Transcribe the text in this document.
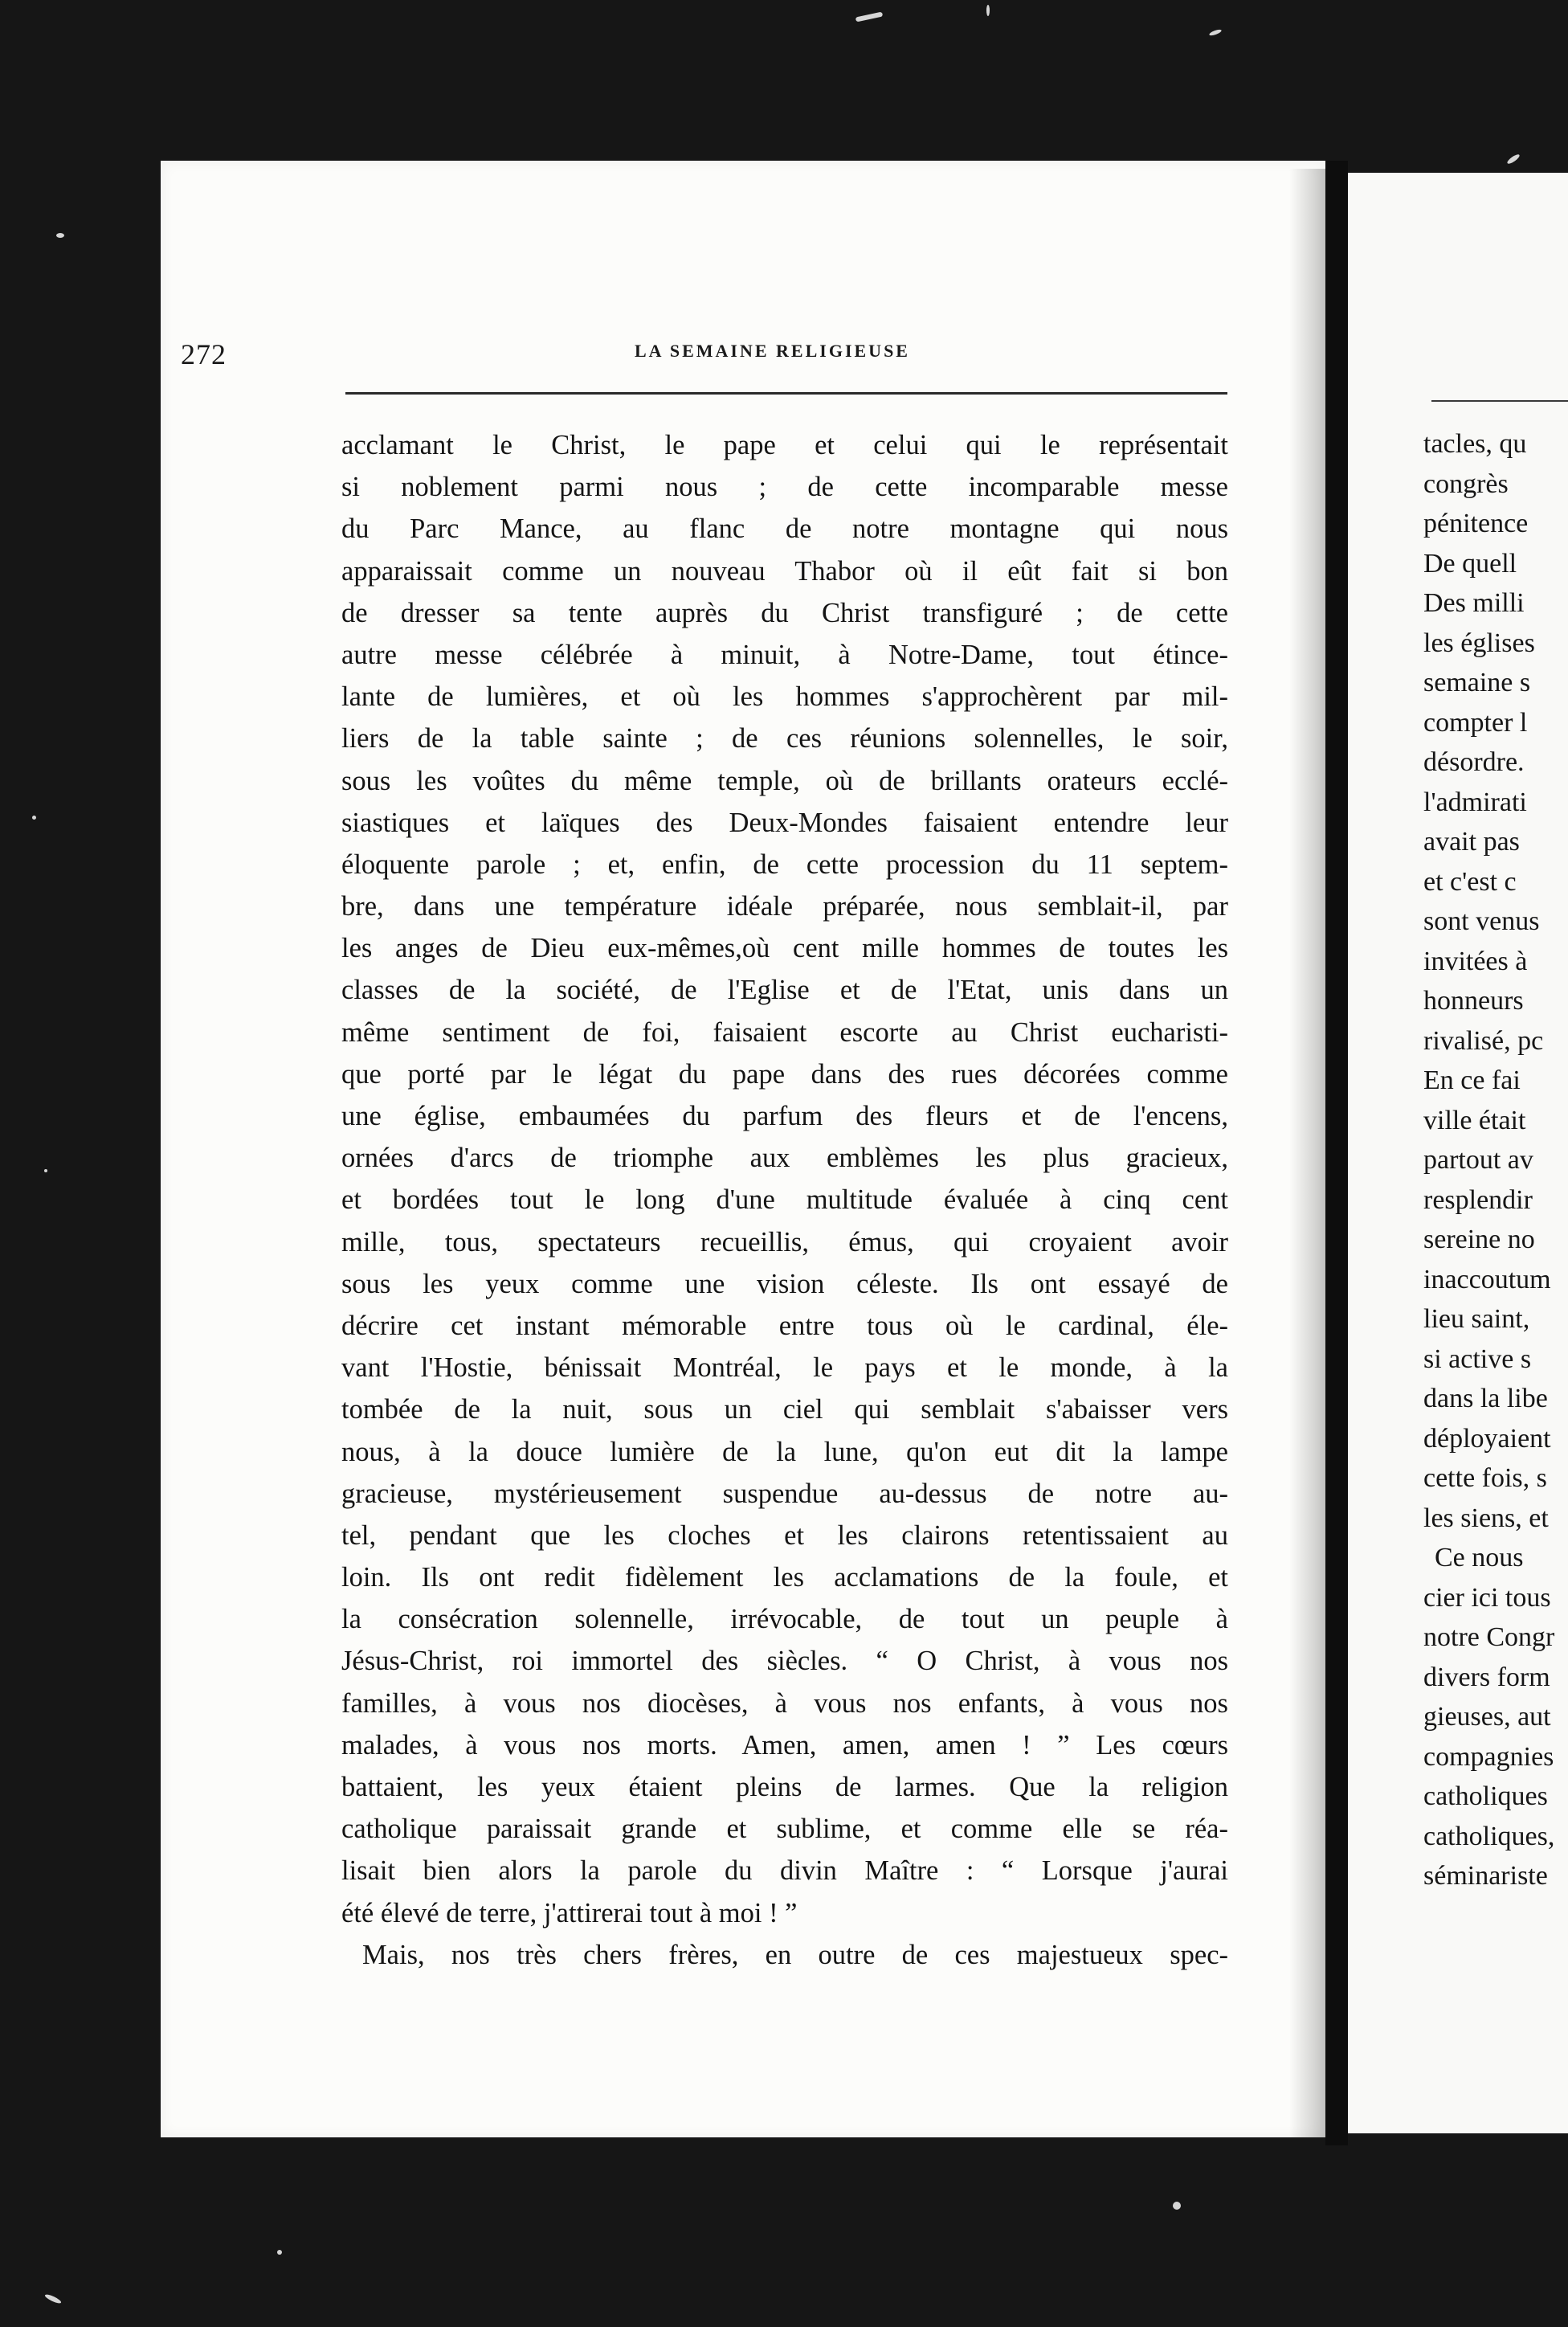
272	LA SEMAINE RELIGIEUSE
acclamant le Christ, le pape et celui qui le représentait
si noblement parmi nous ; de cette incomparable messe
du Parc Mance, au flanc de notre montagne qui nous
apparaissait comme un nouveau Thabor où il eût fait si bon
de dresser sa tente auprès du Christ transfiguré ; de cette
autre messe célébrée à minuit, à Notre-Dame, tout étince-
lante de lumières, et où les hommes s'approchèrent par mil-
liers de la table sainte ; de ces réunions solennelles, le soir,
sous les voûtes du même temple, où de brillants orateurs ecclé-
siastiques et laïques des Deux-Mondes faisaient entendre leur
éloquente parole ; et, enfin, de cette procession du 11 septem-
bre, dans une température idéale préparée, nous semblait-il, par
les anges de Dieu eux-mêmes,où cent mille hommes de toutes les
classes de la société, de l'Eglise et de l'Etat, unis dans un
même sentiment de foi, faisaient escorte au Christ eucharisti-
que porté par le légat du pape dans des rues décorées comme
une église, embaumées du parfum des fleurs et de l'encens,
ornées d'arcs de triomphe aux emblèmes les plus gracieux,
et bordées tout le long d'une multitude évaluée à cinq cent
mille, tous, spectateurs recueillis, émus, qui croyaient avoir
sous les yeux comme une vision céleste. Ils ont essayé de
décrire cet instant mémorable entre tous où le cardinal, éle-
vant l'Hostie, bénissait Montréal, le pays et le monde, à la
tombée de la nuit, sous un ciel qui semblait s'abaisser vers
nous, à la douce lumière de la lune, qu'on eut dit la lampe
gracieuse, mystérieusement suspendue au-dessus de notre au-
tel, pendant que les cloches et les clairons retentissaient au
loin. Ils ont redit fidèlement les acclamations de la foule, et
la consécration solennelle, irrévocable, de tout un peuple à
Jésus-Christ, roi immortel des siècles. “ O Christ, à vous nos
familles, à vous nos diocèses, à vous nos enfants, à vous nos
malades, à vous nos morts. Amen, amen, amen ! ” Les cœurs
battaient, les yeux étaient pleins de larmes. Que la religion
catholique paraissait grande et sublime, et comme elle se réa-
lisait bien alors la parole du divin Maître : “ Lorsque j'aurai
été élevé de terre, j'attirerai tout à moi ! ”
Mais, nos très chers frères, en outre de ces majestueux spec-
tacles, qu
congrès
pénitence
De quell
Des milli
les églises
semaine s
compter l
désordre.
l'admirati
avait pas
et c'est c
sont venus
invitées à
honneurs
rivalisé, pc
En ce fai
ville était
partout av
resplendir
sereine no
inaccoutum
lieu saint,
si active s
dans la libe
déployaient
cette fois, s
les siens, et
Ce nous
cier ici tous
notre Congr
divers form
gieuses, aut
compagnies
catholiques
catholiques,
séminariste
